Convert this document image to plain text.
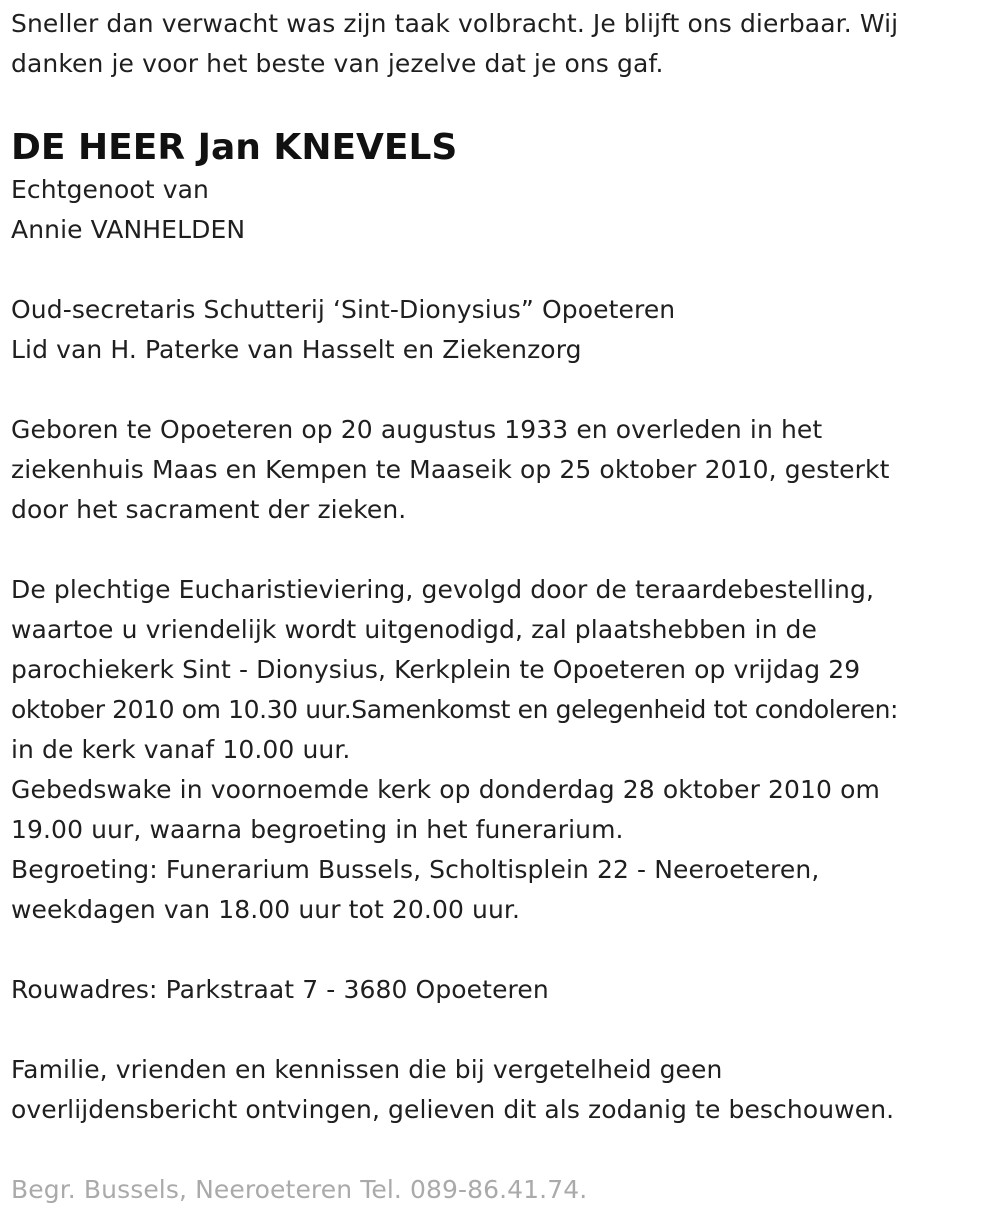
Sneller dan verwacht was zijn taak volbracht. Je blijft ons dierbaar. Wij
danken je voor het beste van jezelve dat je ons gaf.
DE HEER Jan KNEVELS
Echtgenoot van
Annie VANHELDEN
Oud-secretaris Schutterij ‘Sint-Dionysius” Opoeteren
Lid van H. Paterke van Hasselt en Ziekenzorg
Geboren te Opoeteren op 20 augustus 1933 en overleden in het
ziekenhuis Maas en Kempen te Maaseik op 25 oktober 2010, gesterkt
door het sacrament der zieken.
De plechtige Eucharistieviering, gevolgd door de teraardebestelling,
waartoe u vriendelijk wordt uitgenodigd, zal plaatshebben in de
parochiekerk Sint - Dionysius, Kerkplein te Opoeteren op vrijdag 29
oktober 2010 om 10.30 uur.Samenkomst en gelegenheid tot condoleren:
in de kerk vanaf 10.00 uur.
Gebedswake in voornoemde kerk op donderdag 28 oktober 2010 om
19.00 uur, waarna begroeting in het funerarium.
Begroeting: Funerarium Bussels, Scholtisplein 22 - Neeroeteren,
weekdagen van 18.00 uur tot 20.00 uur.
Rouwadres: Parkstraat 7 - 3680 Opoeteren
Familie, vrienden en kennissen die bij vergetelheid geen
overlijdensbericht ontvingen, gelieven dit als zodanig te beschouwen.
Begr. Bussels, Neeroeteren Tel. 089-86.41.74.
